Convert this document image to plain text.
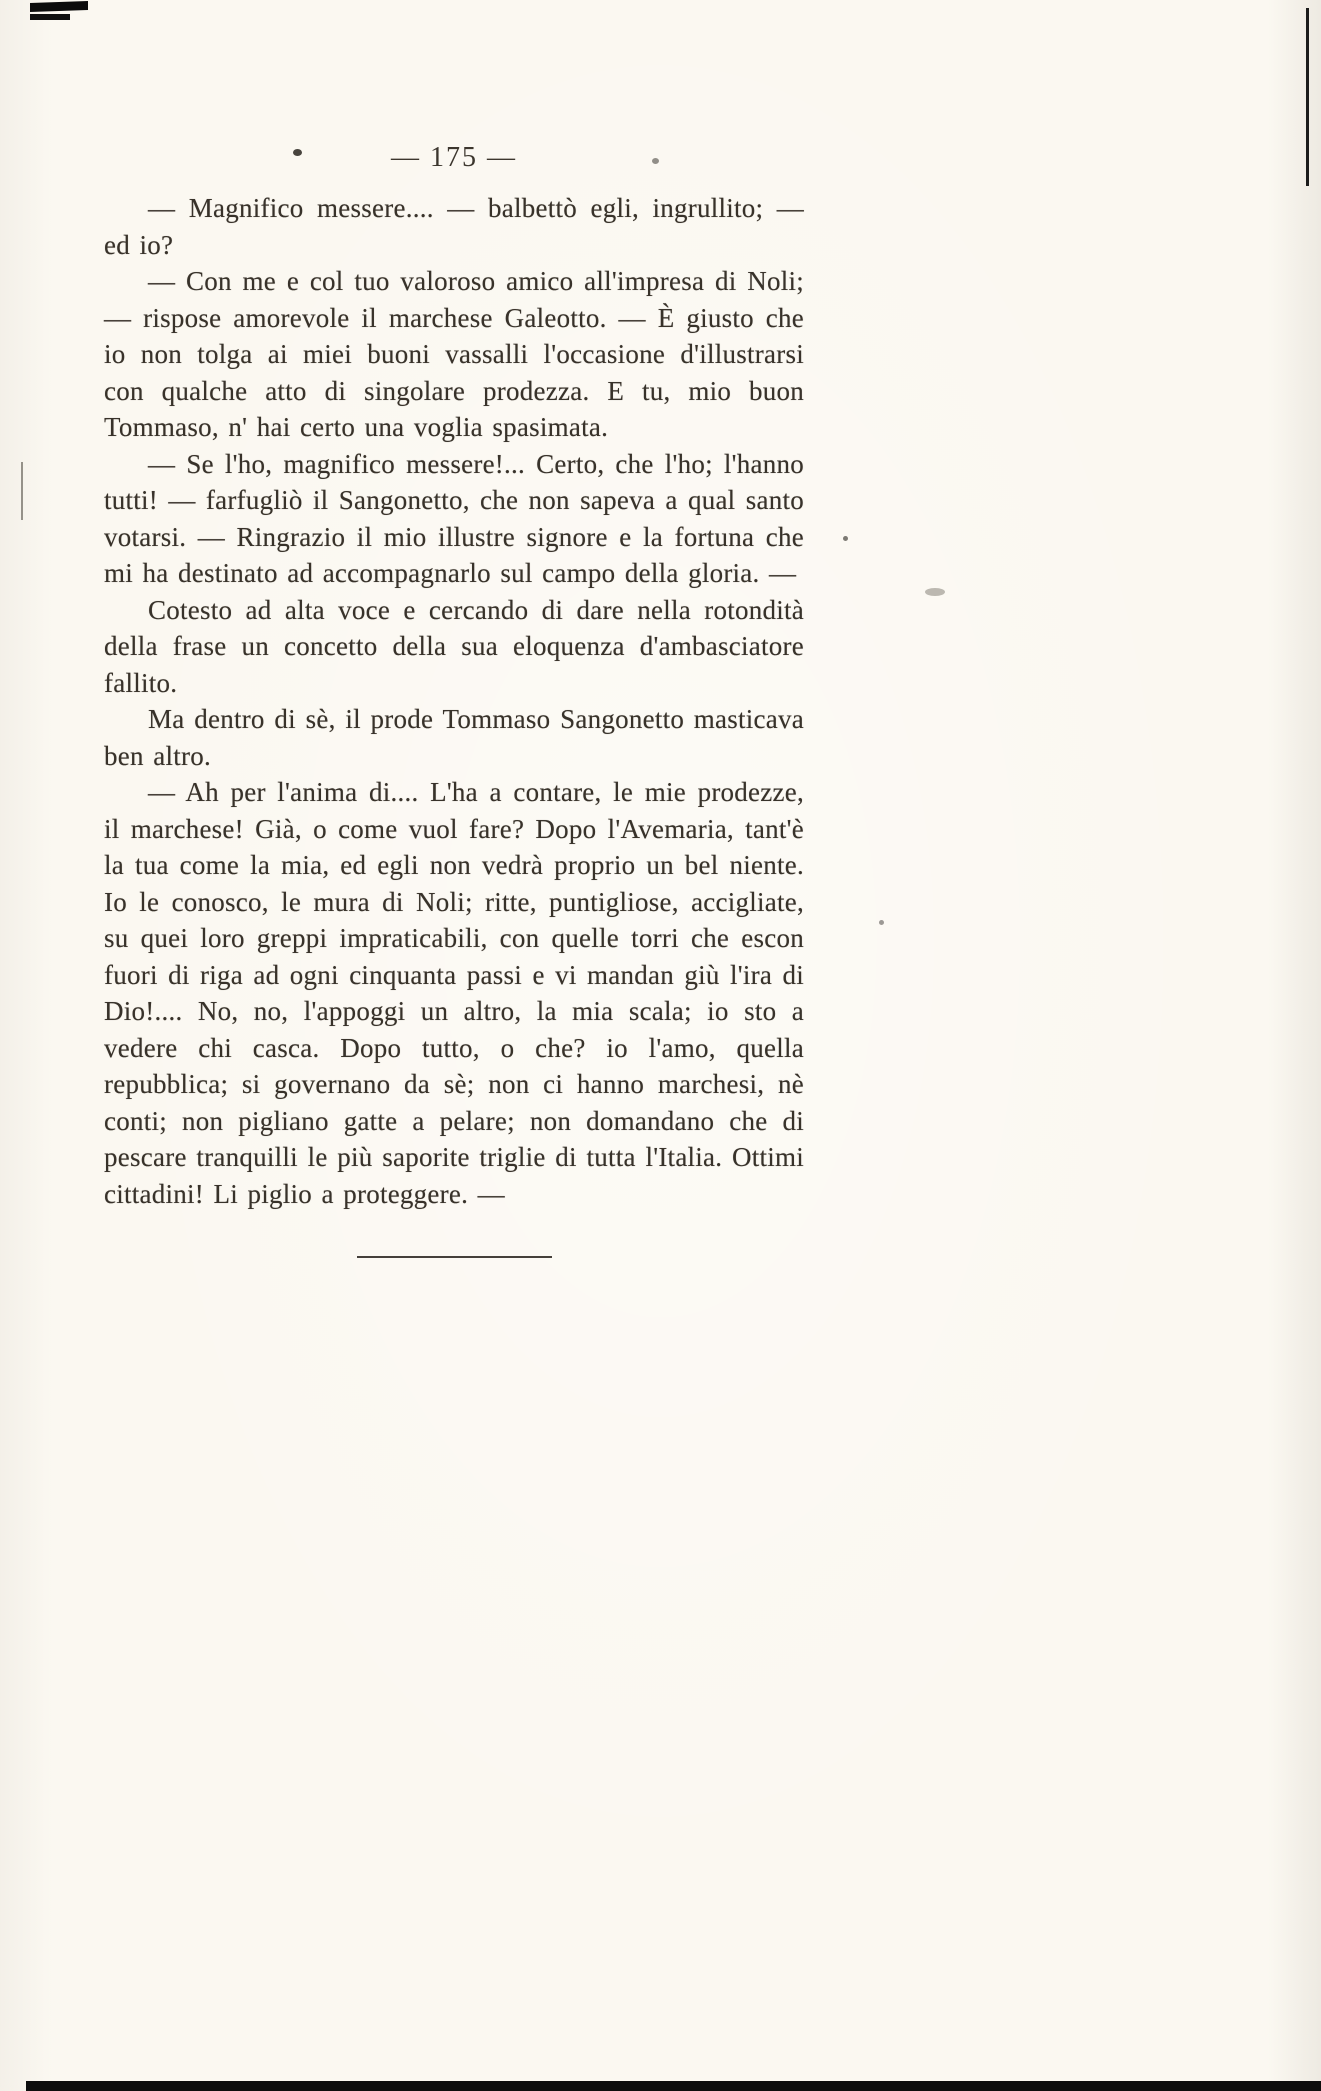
— 175 —

— Magnifico messere.... — balbettò egli, ingrullito; — ed io?

— Con me e col tuo valoroso amico all'impresa di Noli; — rispose amorevole il marchese Galeotto. — È giusto che io non tolga ai miei buoni vassalli l'occasione d'illustrarsi con qualche atto di singolare prodezza. E tu, mio buon Tommaso, n' hai certo una voglia spasimata.

— Se l'ho, magnifico messere!... Certo, che l'ho; l'hanno tutti! — farfugliò il Sangonetto, che non sapeva a qual santo votarsi. — Ringrazio il mio illustre signore e la fortuna che mi ha destinato ad accompagnarlo sul campo della gloria. —

Cotesto ad alta voce e cercando di dare nella rotondità della frase un concetto della sua eloquenza d'ambasciatore fallito.

Ma dentro di sè, il prode Tommaso Sangonetto masticava ben altro.

— Ah per l'anima di.... L'ha a contare, le mie prodezze, il marchese! Già, o come vuol fare? Dopo l'Avemaria, tant'è la tua come la mia, ed egli non vedrà proprio un bel niente. Io le conosco, le mura di Noli; ritte, puntigliose, accigliate, su quei loro greppi impraticabili, con quelle torri che escon fuori di riga ad ogni cinquanta passi e vi mandan giù l'ira di Dio!.... No, no, l'appoggi un altro, la mia scala; io sto a vedere chi casca. Dopo tutto, o che? io l'amo, quella repubblica; si governano da sè; non ci hanno marchesi, nè conti; non pigliano gatte a pelare; non domandano che di pescare tranquilli le più saporite triglie di tutta l'Italia. Ottimi cittadini! Li piglio a proteggere. —
